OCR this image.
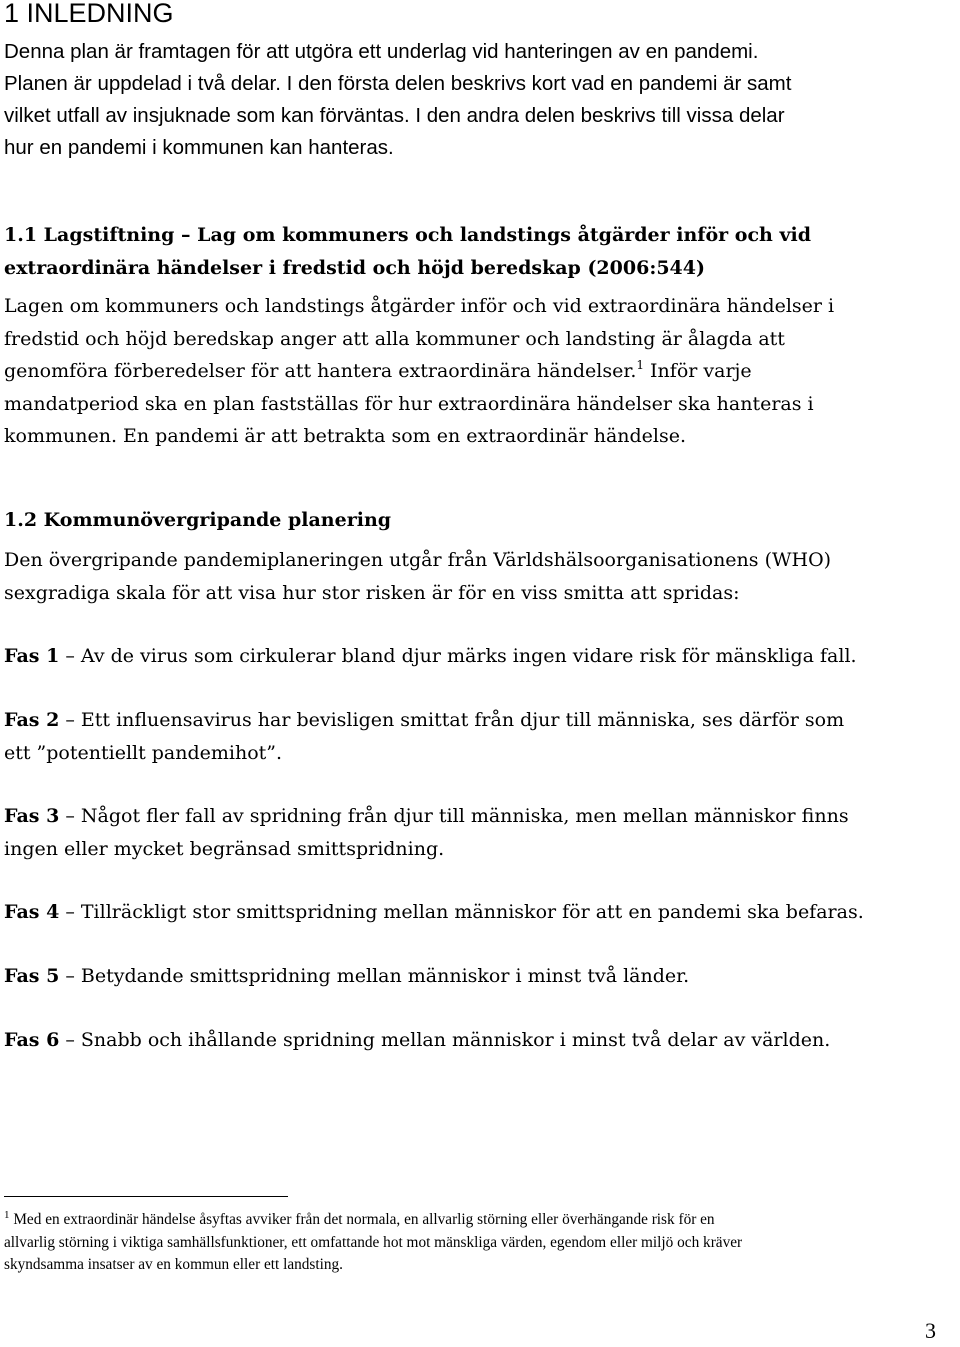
1 INLEDNING

Denna plan är framtagen för att utgöra ett underlag vid hanteringen av en pandemi.
Planen är uppdelad i två delar. I den första delen beskrivs kort vad en pandemi är samt
vilket utfall av insjuknade som kan förväntas. I den andra delen beskrivs till vissa delar
hur en pandemi i kommunen kan hanteras.

1.1 Lagstiftning – Lag om kommuners och landstings åtgärder inför och vid
extraordinära händelser i fredstid och höjd beredskap (2006:544)

Lagen om kommuners och landstings åtgärder inför och vid extraordinära händelser i
fredstid och höjd beredskap anger att alla kommuner och landsting är ålagda att
genomföra förberedelser för att hantera extraordinära händelser.$^1$ Inför varje
mandatperiod ska en plan fastställas för hur extraordinära händelser ska hanteras i
kommunen. En pandemi är att betrakta som en extraordinär händelse.

1.2 Kommunövergripande planering

Den övergripande pandemiplaneringen utgår från Världshälsoorganisationens (WHO)
sexgradiga skala för att visa hur stor risken är för en viss smitta att spridas:

Fas 1 – Av de virus som cirkulerar bland djur märks ingen vidare risk för mänskliga fall.

Fas 2 – Ett influensavirus har bevisligen smittat från djur till människa, ses därför som
ett ”potentiellt pandemihot”.

Fas 3 – Något fler fall av spridning från djur till människa, men mellan människor finns
ingen eller mycket begränsad smittspridning.

Fas 4 – Tillräckligt stor smittspridning mellan människor för att en pandemi ska befaras.

Fas 5 – Betydande smittspridning mellan människor i minst två länder.

Fas 6 – Snabb och ihållande spridning mellan människor i minst två delar av världen.

$^1$ Med en extraordinär händelse åsyftas avviker från det normala, en allvarlig störning eller överhängande risk för en
allvarlig störning i viktiga samhällsfunktioner, ett omfattande hot mot mänskliga värden, egendom eller miljö och kräver
skyndsamma insatser av en kommun eller ett landsting.

3
